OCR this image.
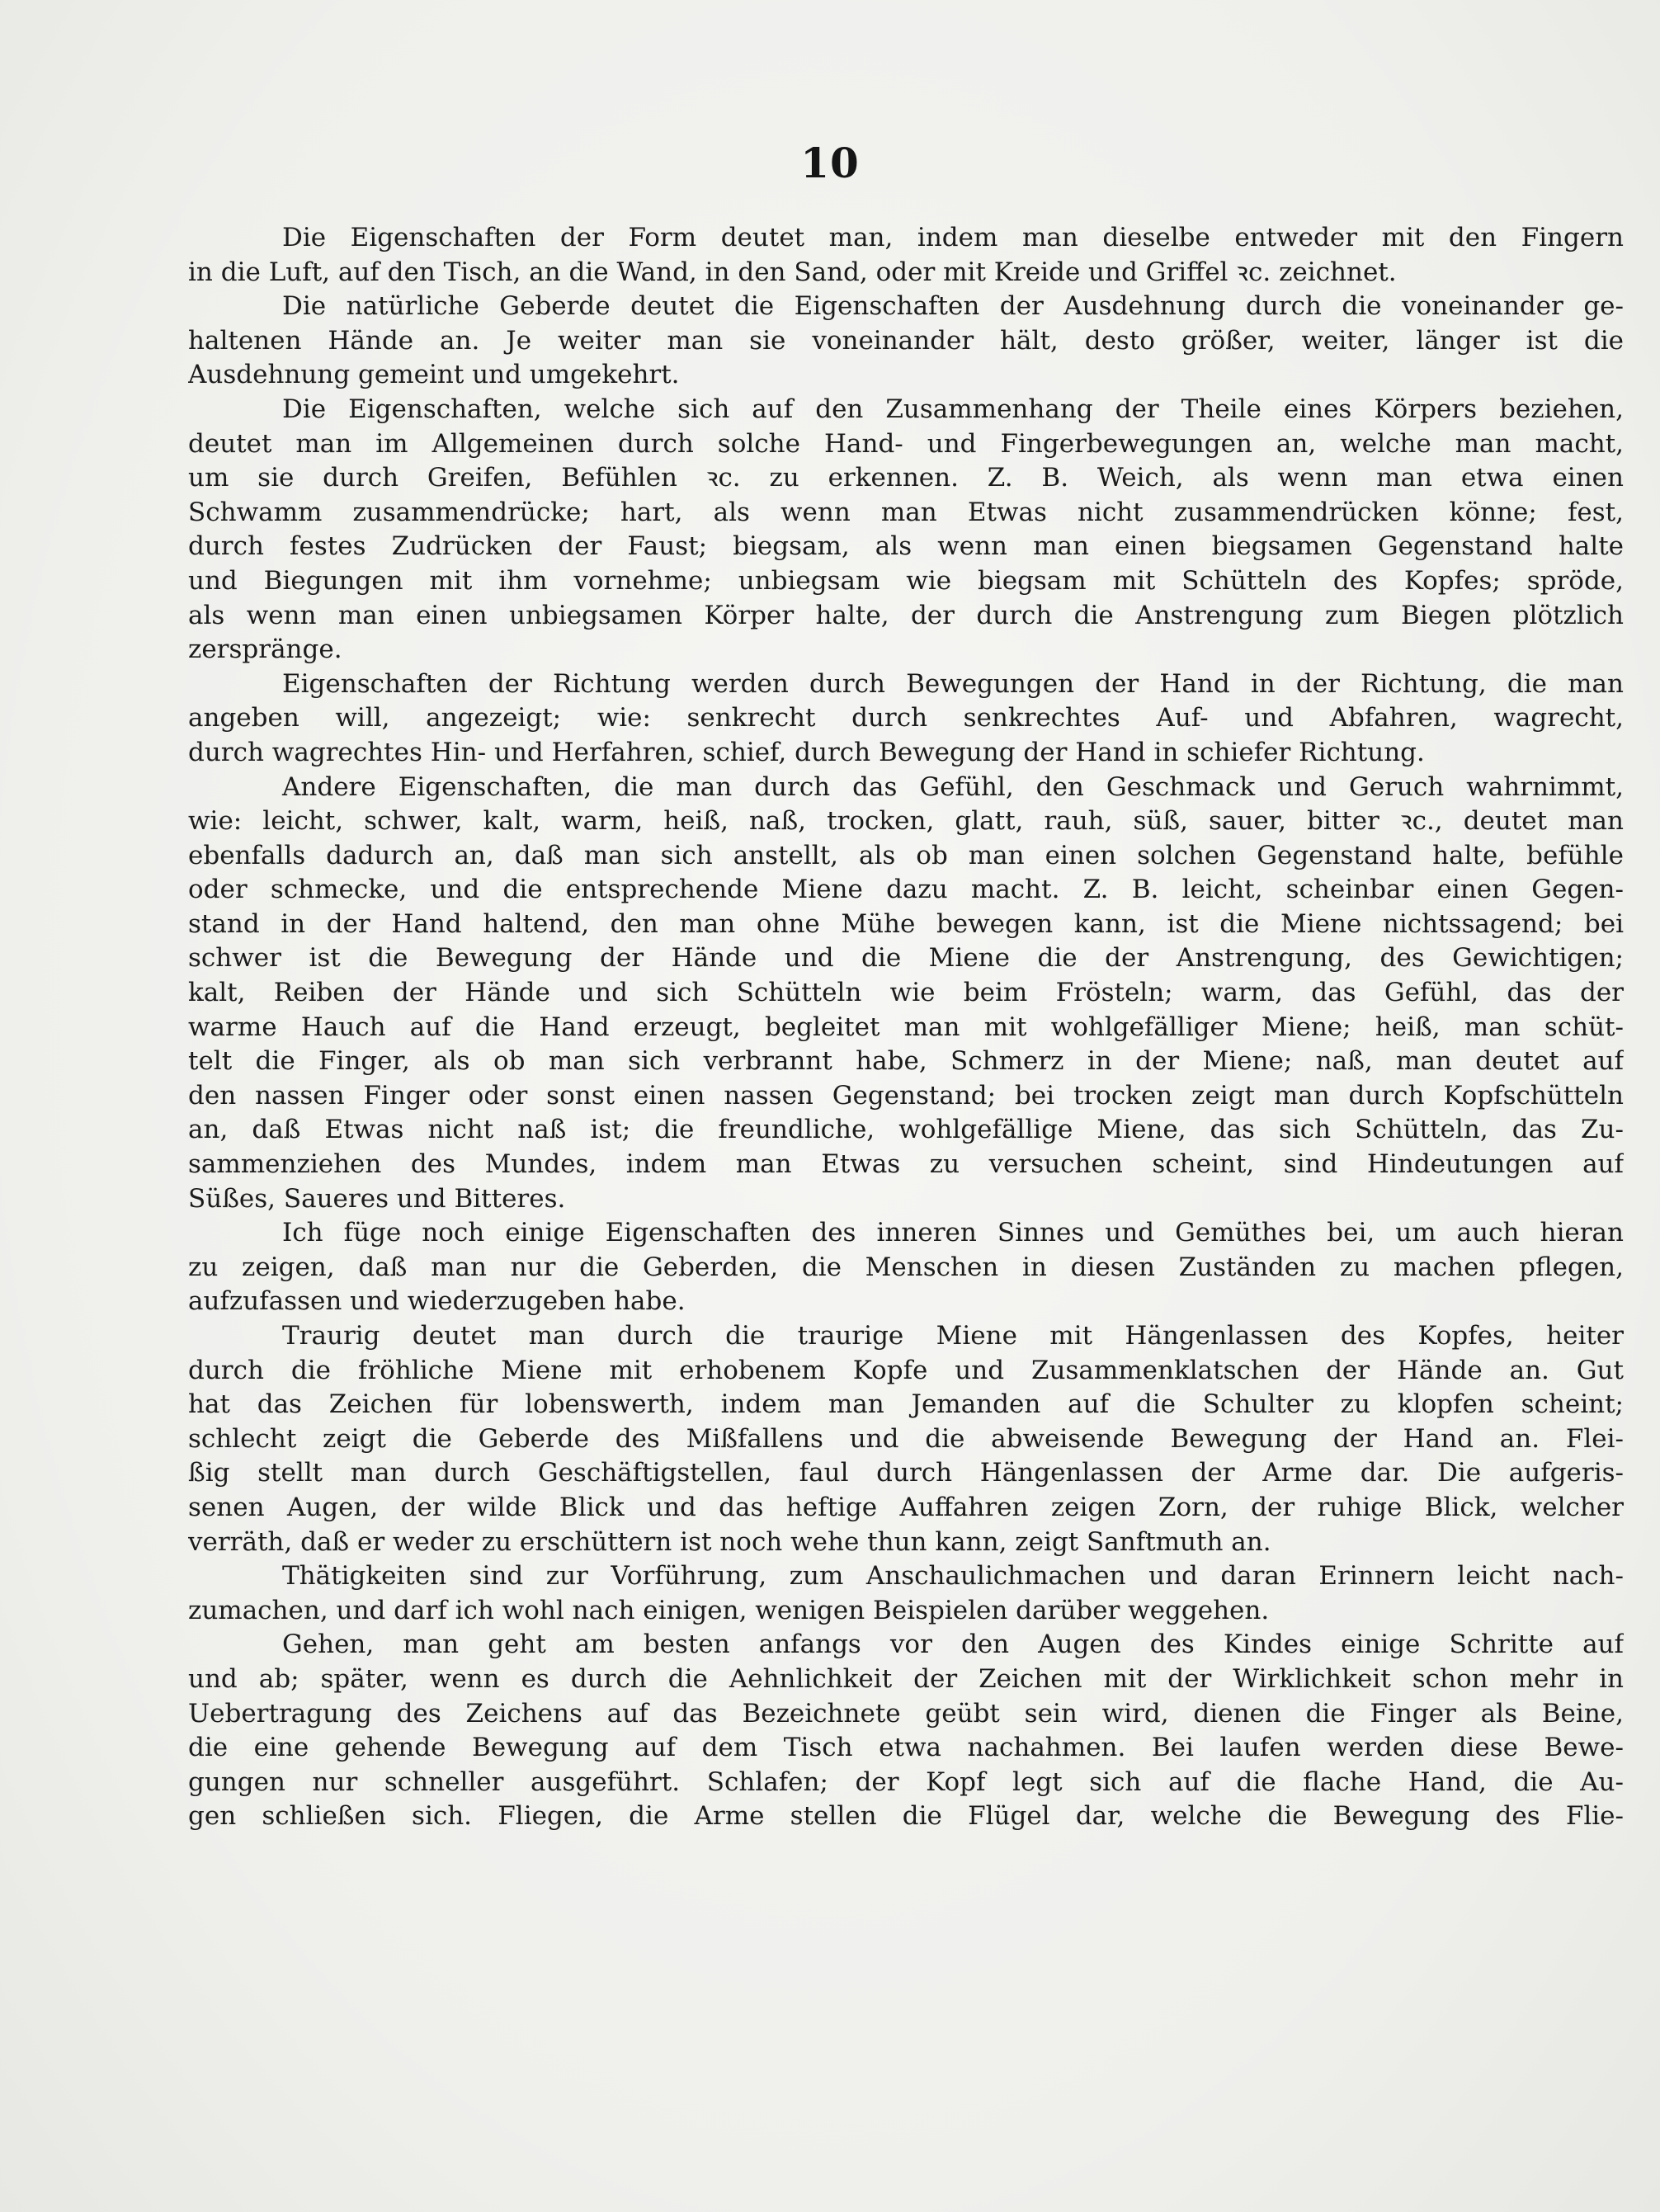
10
Die Eigenschaften der Form deutet man, indem man dieselbe entweder mit den Fingern
in die Luft, auf den Tisch, an die Wand, in den Sand, oder mit Kreide und Griffel ꝛc. zeichnet.
Die natürliche Geberde deutet die Eigenschaften der Ausdehnung durch die voneinander ge-
haltenen Hände an. Je weiter man sie voneinander hält, desto größer, weiter, länger ist die
Ausdehnung gemeint und umgekehrt.
Die Eigenschaften, welche sich auf den Zusammenhang der Theile eines Körpers beziehen,
deutet man im Allgemeinen durch solche Hand- und Fingerbewegungen an, welche man macht,
um sie durch Greifen, Befühlen ꝛc. zu erkennen. Z. B. Weich, als wenn man etwa einen
Schwamm zusammendrücke; hart, als wenn man Etwas nicht zusammendrücken könne; fest,
durch festes Zudrücken der Faust; biegsam, als wenn man einen biegsamen Gegenstand halte
und Biegungen mit ihm vornehme; unbiegsam wie biegsam mit Schütteln des Kopfes; spröde,
als wenn man einen unbiegsamen Körper halte, der durch die Anstrengung zum Biegen plötzlich
zerspränge.
Eigenschaften der Richtung werden durch Bewegungen der Hand in der Richtung, die man
angeben will, angezeigt; wie: senkrecht durch senkrechtes Auf- und Abfahren, wagrecht,
durch wagrechtes Hin- und Herfahren, schief, durch Bewegung der Hand in schiefer Richtung.
Andere Eigenschaften, die man durch das Gefühl, den Geschmack und Geruch wahrnimmt,
wie: leicht, schwer, kalt, warm, heiß, naß, trocken, glatt, rauh, süß, sauer, bitter ꝛc., deutet man
ebenfalls dadurch an, daß man sich anstellt, als ob man einen solchen Gegenstand halte, befühle
oder schmecke, und die entsprechende Miene dazu macht. Z. B. leicht, scheinbar einen Gegen-
stand in der Hand haltend, den man ohne Mühe bewegen kann, ist die Miene nichtssagend; bei
schwer ist die Bewegung der Hände und die Miene die der Anstrengung, des Gewichtigen;
kalt, Reiben der Hände und sich Schütteln wie beim Frösteln; warm, das Gefühl, das der
warme Hauch auf die Hand erzeugt, begleitet man mit wohlgefälliger Miene; heiß, man schüt-
telt die Finger, als ob man sich verbrannt habe, Schmerz in der Miene; naß, man deutet auf
den nassen Finger oder sonst einen nassen Gegenstand; bei trocken zeigt man durch Kopfschütteln
an, daß Etwas nicht naß ist; die freundliche, wohlgefällige Miene, das sich Schütteln, das Zu-
sammenziehen des Mundes, indem man Etwas zu versuchen scheint, sind Hindeutungen auf
Süßes, Saueres und Bitteres.
Ich füge noch einige Eigenschaften des inneren Sinnes und Gemüthes bei, um auch hieran
zu zeigen, daß man nur die Geberden, die Menschen in diesen Zuständen zu machen pflegen,
aufzufassen und wiederzugeben habe.
Traurig deutet man durch die traurige Miene mit Hängenlassen des Kopfes, heiter
durch die fröhliche Miene mit erhobenem Kopfe und Zusammenklatschen der Hände an. Gut
hat das Zeichen für lobenswerth, indem man Jemanden auf die Schulter zu klopfen scheint;
schlecht zeigt die Geberde des Mißfallens und die abweisende Bewegung der Hand an. Flei-
ßig stellt man durch Geschäftigstellen, faul durch Hängenlassen der Arme dar. Die aufgeris-
senen Augen, der wilde Blick und das heftige Auffahren zeigen Zorn, der ruhige Blick, welcher
verräth, daß er weder zu erschüttern ist noch wehe thun kann, zeigt Sanftmuth an.
Thätigkeiten sind zur Vorführung, zum Anschaulichmachen und daran Erinnern leicht nach-
zumachen, und darf ich wohl nach einigen, wenigen Beispielen darüber weggehen.
Gehen, man geht am besten anfangs vor den Augen des Kindes einige Schritte auf
und ab; später, wenn es durch die Aehnlichkeit der Zeichen mit der Wirklichkeit schon mehr in
Uebertragung des Zeichens auf das Bezeichnete geübt sein wird, dienen die Finger als Beine,
die eine gehende Bewegung auf dem Tisch etwa nachahmen. Bei laufen werden diese Bewe-
gungen nur schneller ausgeführt. Schlafen; der Kopf legt sich auf die flache Hand, die Au-
gen schließen sich. Fliegen, die Arme stellen die Flügel dar, welche die Bewegung des Flie-
